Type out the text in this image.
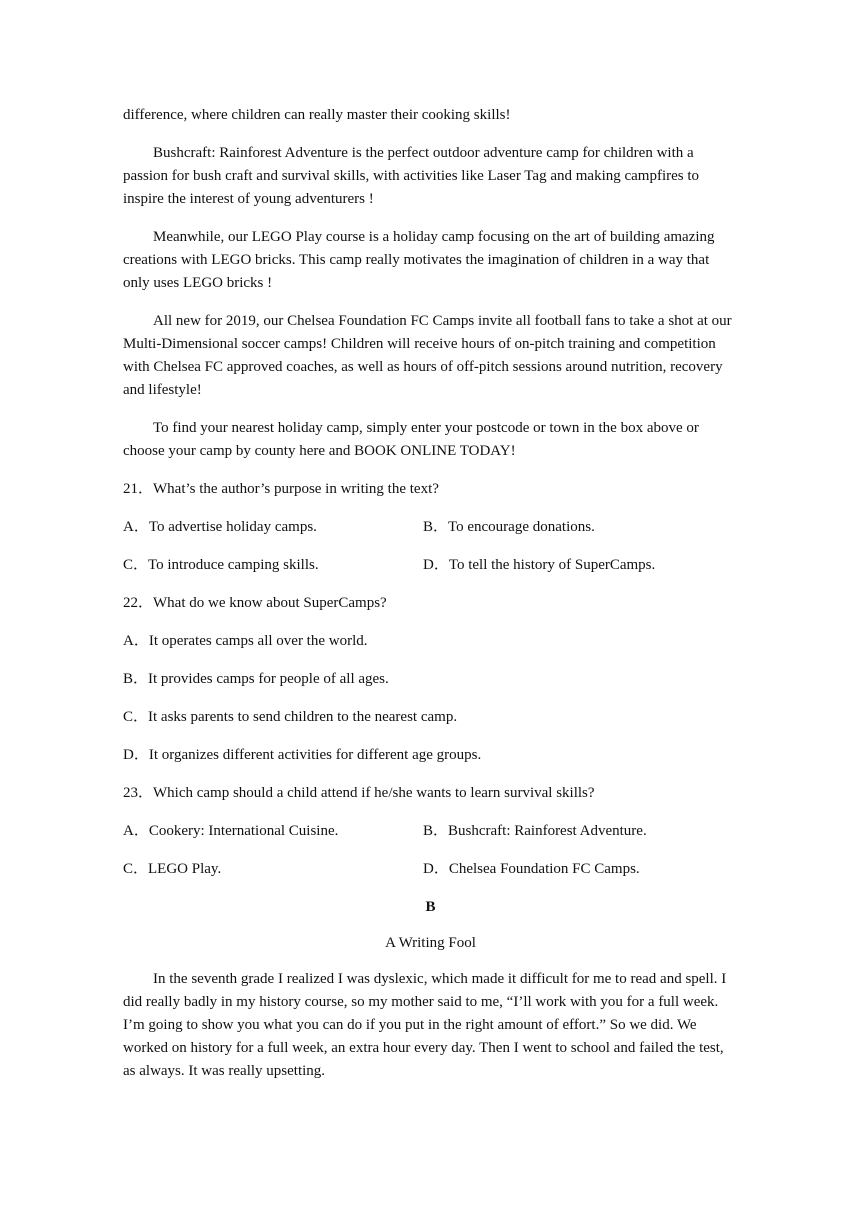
difference, where children can really master their cooking skills!

Bushcraft: Rainforest Adventure is the perfect outdoor adventure camp for children with a passion for bush craft and survival skills, with activities like Laser Tag and making campfires to inspire the interest of young adventurers !

Meanwhile, our LEGO Play course is a holiday camp focusing on the art of building amazing creations with LEGO bricks. This camp really motivates the imagination of children in a way that only uses LEGO bricks !

All new for 2019, our Chelsea Foundation FC Camps invite all football fans to take a shot at our Multi-Dimensional soccer camps! Children will receive hours of on-pitch training and competition with Chelsea FC approved coaches, as well as hours of off-pitch sessions around nutrition, recovery and lifestyle!

To find your nearest holiday camp, simply enter your postcode or town in the box above or choose your camp by county here and BOOK ONLINE TODAY!

21．What’s the author’s purpose in writing the text?

A．To advertise holiday camps.	B．To encourage donations.
C．To introduce camping skills.	D．To tell the history of SuperCamps.

22．What do we know about SuperCamps?

A．It operates camps all over the world.

B．It provides camps for people of all ages.

C．It asks parents to send children to the nearest camp.

D．It organizes different activities for different age groups.

23．Which camp should a child attend if he/she wants to learn survival skills?

A．Cookery: International Cuisine.	B．Bushcraft: Rainforest Adventure.
C．LEGO Play.	D．Chelsea Foundation FC Camps.

B

A Writing Fool

In the seventh grade I realized I was dyslexic, which made it difficult for me to read and spell. I did really badly in my history course, so my mother said to me, “I’ll work with you for a full week. I’m going to show you what you can do if you put in the right amount of effort.” So we did. We worked on history for a full week, an extra hour every day. Then I went to school and failed the test, as always. It was really upsetting.
